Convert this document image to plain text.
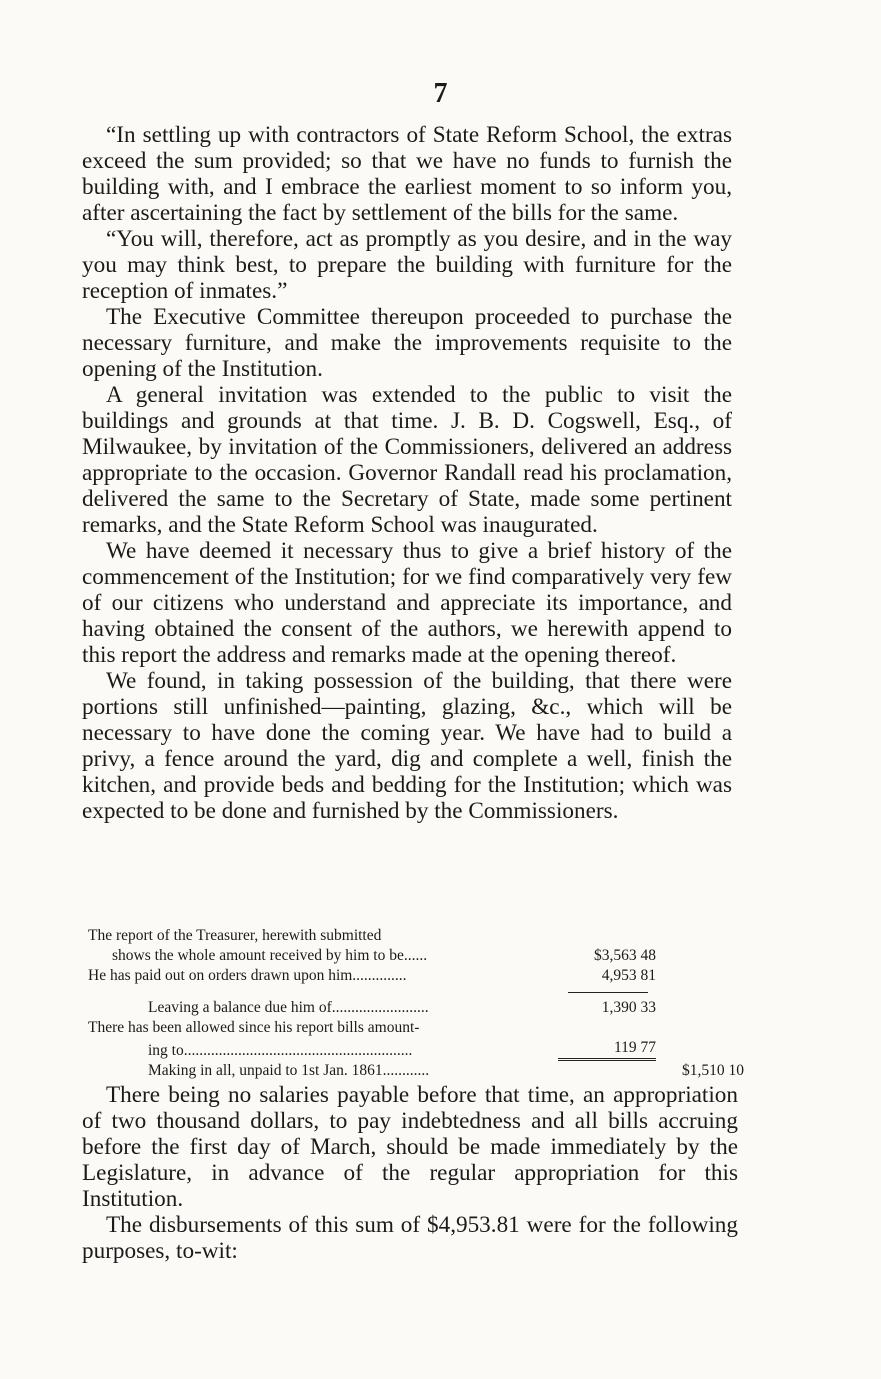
7

“In settling up with contractors of State Reform School, the extras exceed the sum provided; so that we have no funds to furnish the building with, and I embrace the earliest moment to so inform you, after ascertaining the fact by settlement of the bills for the same.

“You will, therefore, act as promptly as you desire, and in the way you may think best, to prepare the building with furniture for the reception of inmates.”

The Executive Committee thereupon proceeded to purchase the necessary furniture, and make the improvements requisite to the opening of the Institution.

A general invitation was extended to the public to visit the buildings and grounds at that time. J. B. D. Cogswell, Esq., of Milwaukee, by invitation of the Commissioners, delivered an address appropriate to the occasion. Governor Randall read his proclamation, delivered the same to the Secretary of State, made some pertinent remarks, and the State Reform School was inaugurated.

We have deemed it necessary thus to give a brief history of the commencement of the Institution; for we find comparatively very few of our citizens who understand and appreciate its importance, and having obtained the consent of the authors, we herewith append to this report the address and remarks made at the opening thereof.

We found, in taking possession of the building, that there were portions still unfinished—painting, glazing, &c., which will be necessary to have done the coming year. We have had to build a privy, a fence around the yard, dig and complete a well, finish the kitchen, and provide beds and bedding for the Institution; which was expected to be done and furnished by the Commissioners.

The report of the Treasurer, herewith submitted
shows the whole amount received by him to be......	$3,563 48
He has paid out on orders drawn upon him..............	4,953 81
Leaving a balance due him of.........................	1,390 33
There has been allowed since his report bills amount-
ing to...........................................................	119 77
Making in all, unpaid to 1st Jan. 1861............	$1,510 10

There being no salaries payable before that time, an appropriation of two thousand dollars, to pay indebtedness and all bills accruing before the first day of March, should be made immediately by the Legislature, in advance of the regular appropriation for this Institution.

The disbursements of this sum of $4,953.81 were for the following purposes, to-wit:
